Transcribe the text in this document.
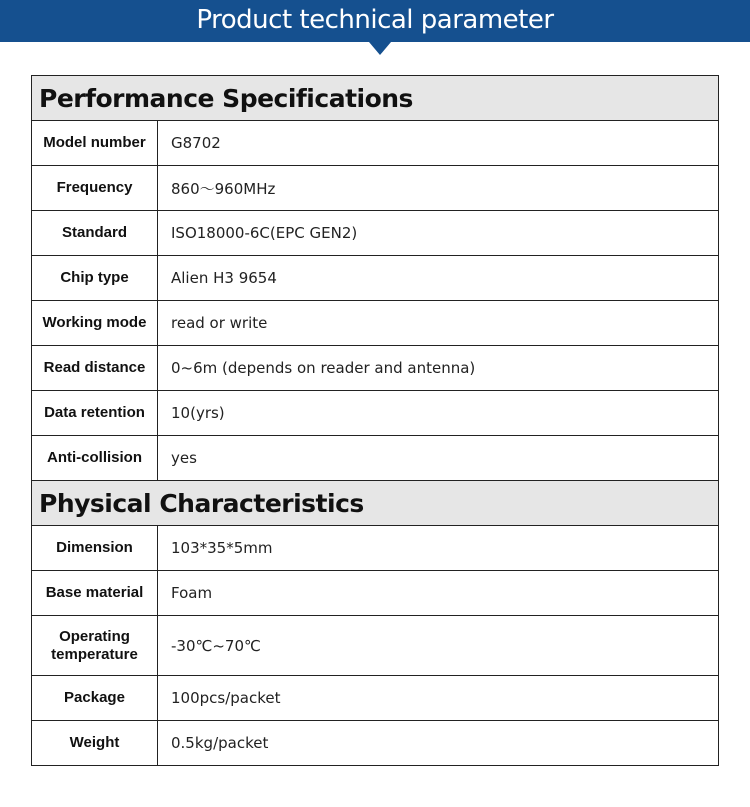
Product technical parameter
Performance Specifications	
Model number	G8702
Frequency	860～960MHz
Standard	ISO18000-6C(EPC GEN2)
Chip type	Alien H3 9654
Working mode	read or write
Read distance	0~6m (depends on reader and antenna)
Data retention	10(yrs)
Anti-collision	yes
Physical Characteristics	
Dimension	103*35*5mm
Base material	Foam
Operating temperature	-30℃~70℃
Package	100pcs/packet
Weight	0.5kg/packet
